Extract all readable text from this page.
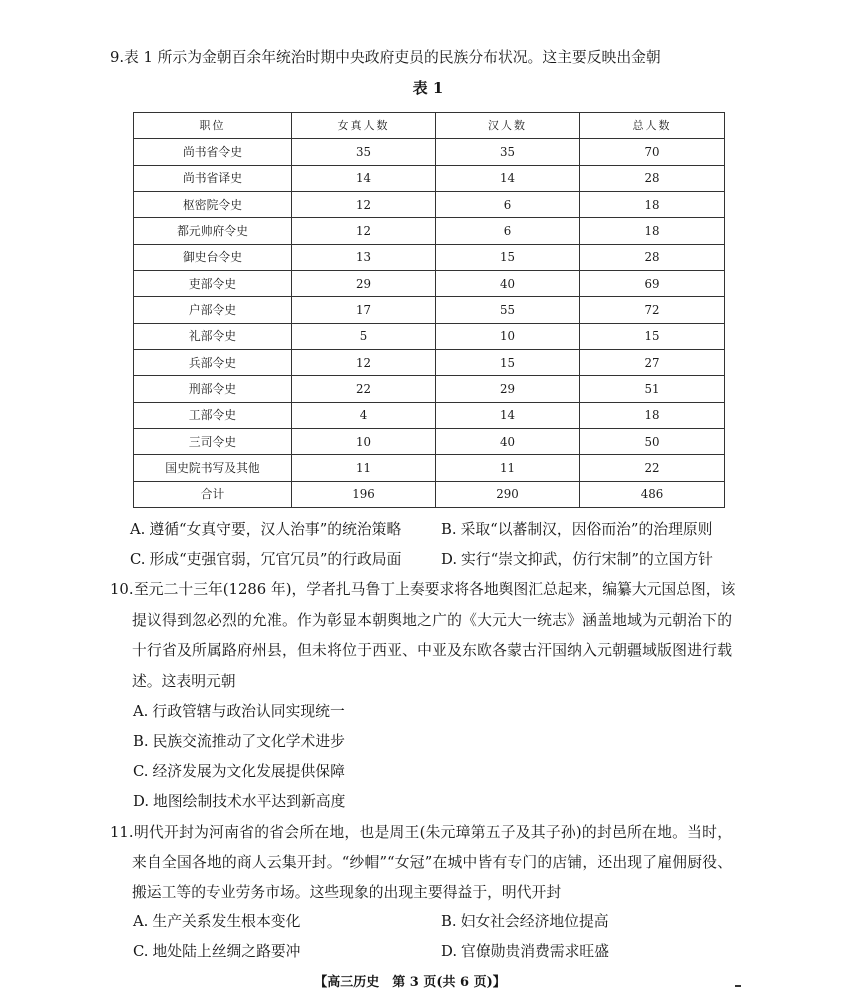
9. 表 1 所示为金朝百余年统治时期中央政府吏员的民族分布状况。这主要反映出金朝
表 1
职位	女真人数	汉人数	总人数
尚书省令史	35	35	70
尚书省译史	14	14	28
枢密院令史	12	6	18
都元帅府令史	12	6	18
御史台令史	13	15	28
吏部令史	29	40	69
户部令史	17	55	72
礼部令史	5	10	15
兵部令史	12	15	27
刑部令史	22	29	51
工部令史	4	14	18
三司令史	10	40	50
国史院书写及其他	11	11	22
合计	196	290	486
A. 遵循“女真守要，汉人治事”的统治策略	B. 采取“以蕃制汉，因俗而治”的治理原则
C. 形成“吏强官弱，冗官冗员”的行政局面	D. 实行“崇文抑武，仿行宋制”的立国方针
10. 至元二十三年(1286 年)，学者扎马鲁丁上奏要求将各地舆图汇总起来，编纂大元国总图，该
提议得到忽必烈的允准。作为彰显本朝舆地之广的《大元大一统志》涵盖地域为元朝治下的
十行省及所属路府州县，但未将位于西亚、中亚及东欧各蒙古汗国纳入元朝疆域版图进行载
述。这表明元朝
A. 行政管辖与政治认同实现统一
B. 民族交流推动了文化学术进步
C. 经济发展为文化发展提供保障
D. 地图绘制技术水平达到新高度
11. 明代开封为河南省的省会所在地，也是周王(朱元璋第五子及其子孙)的封邑所在地。当时，
来自全国各地的商人云集开封。“纱帽”“女冠”在城中皆有专门的店铺，还出现了雇佣厨役、
搬运工等的专业劳务市场。这些现象的出现主要得益于，明代开封
A. 生产关系发生根本变化	B. 妇女社会经济地位提高
C. 地处陆上丝绸之路要冲	D. 官僚勋贵消费需求旺盛
【高三历史　第 3 页(共 6 页)】
